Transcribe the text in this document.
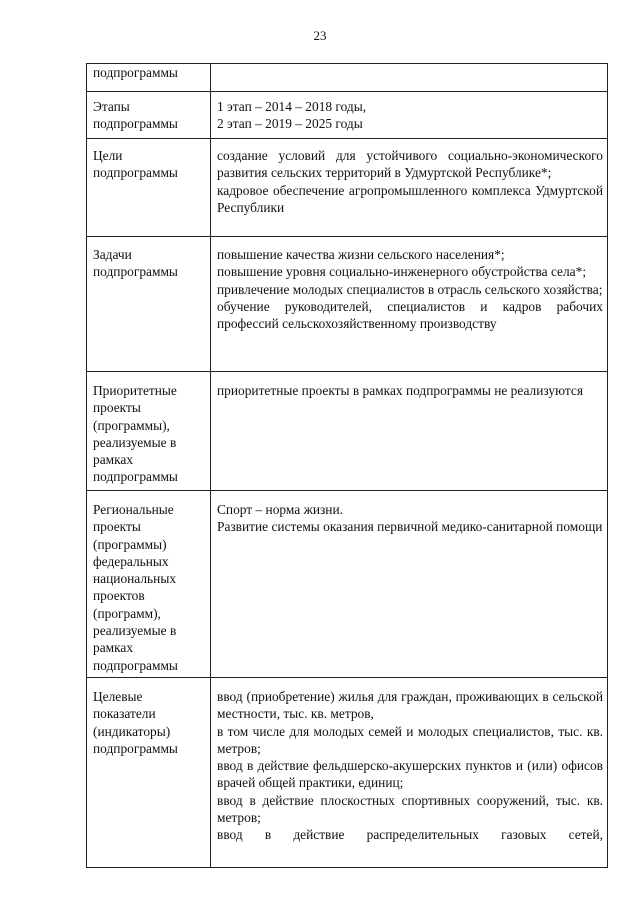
23
подпрограммы	
Этапы подпрограммы	1 этап – 2014 – 2018 годы,
2 этап – 2019 – 2025 годы

Цели подпрограммы	создание условий для устойчивого социально-экономического развития сельских территорий в Удмуртской Республике*;
кадровое обеспечение агропромышленного комплекса Удмуртской Республики

Задачи подпрограммы	повышение качества жизни сельского населения*;
повышение уровня социально-инженерного обустройства села*;
привлечение молодых специалистов в отрасль сельского хозяйства;
обучение руководителей, специалистов и кадров рабочих профессий сельскохозяйственному производству

Приоритетные проекты (программы), реализуемые в рамках подпрограммы	приоритетные проекты в рамках подпрограммы не реализуются

Региональные проекты (программы) федеральных национальных проектов (программ), реализуемые в рамках подпрограммы	Спорт – норма жизни.
Развитие системы оказания первичной медико-санитарной помощи

Целевые показатели (индикаторы) подпрограммы	ввод (приобретение) жилья для граждан, проживающих в сельской местности, тыс. кв. метров,
в том числе для молодых семей и молодых специалистов, тыс. кв. метров;
ввод в действие фельдшерско-акушерских пунктов и (или) офисов врачей общей практики, единиц;
ввод в действие плоскостных спортивных сооружений, тыс. кв. метров;
ввод в действие распределительных газовых сетей,
